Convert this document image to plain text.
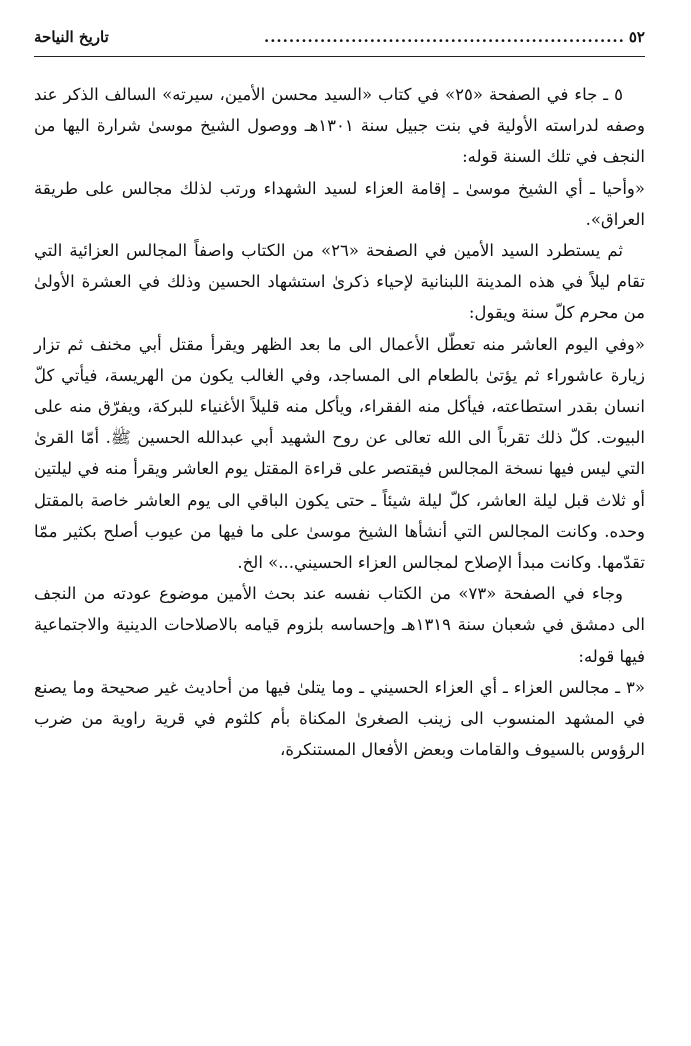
٥٢
..........................................................
تاريخ النياحة

٥ ـ جاء في الصفحة «٢٥» في كتاب «السيد محسن الأمين، سيرته» السالف الذكر عند وصفه لدراسته الأولية في بنت جبيل سنة ١٣٠١هـ ووصول الشيخ موسىٰ شرارة اليها من النجف في تلك السنة قوله:

«وأحيا ـ أي الشيخ موسىٰ ـ إقامة العزاء لسيد الشهداء ورتب لذلك مجالس على طريقة العراق».

ثم يستطرد السيد الأمين في الصفحة «٢٦» من الكتاب واصفاً المجالس العزائية التي تقام ليلاً في هذه المدينة اللبنانية لإحياء ذكرىٰ استشهاد الحسين وذلك في العشرة الأولىٰ من محرم كلّ سنة ويقول:

«وفي اليوم العاشر منه تعطّل الأعمال الى ما بعد الظهر ويقرأ مقتل أبي مخنف ثم تزار زيارة عاشوراء ثم يؤتىٰ بالطعام الى المساجد، وفي الغالب يكون من الهريسة، فيأتي كلّ انسان بقدر استطاعته، فيأكل منه الفقراء، ويأكل منه قليلاً الأغنياء للبركة، ويفرّق منه على البيوت. كلّ ذلك تقرباً الى الله تعالى عن روح الشهيد أبي عبدالله الحسين ﷺ. أمّا القرىٰ التي ليس فيها نسخة المجالس فيقتصر على قراءة المقتل يوم العاشر ويقرأ منه في ليلتين أو ثلاث قبل ليلة العاشر، كلّ ليلة شيئاً ـ حتى يكون الباقي الى يوم العاشر خاصة بالمقتل وحده. وكانت المجالس التي أنشأها الشيخ موسىٰ على ما فيها من عيوب أصلح بكثير ممّا تقدّمها. وكانت مبدأ الإصلاح لمجالس العزاء الحسيني...» الخ.

وجاء في الصفحة «٧٣» من الكتاب نفسه عند بحث الأمين موضوع عودته من النجف الى دمشق في شعبان سنة ١٣١٩هـ وإحساسه بلزوم قيامه بالاصلاحات الدينية والاجتماعية فيها قوله:

«٣ ـ مجالس العزاء ـ أي العزاء الحسيني ـ وما يتلىٰ فيها من أحاديث غير صحيحة وما يصنع في المشهد المنسوب الى زينب الصغرىٰ المكناة بأم كلثوم في قرية راوية من ضرب الرؤوس بالسيوف والقامات وبعض الأفعال المستنكرة،
